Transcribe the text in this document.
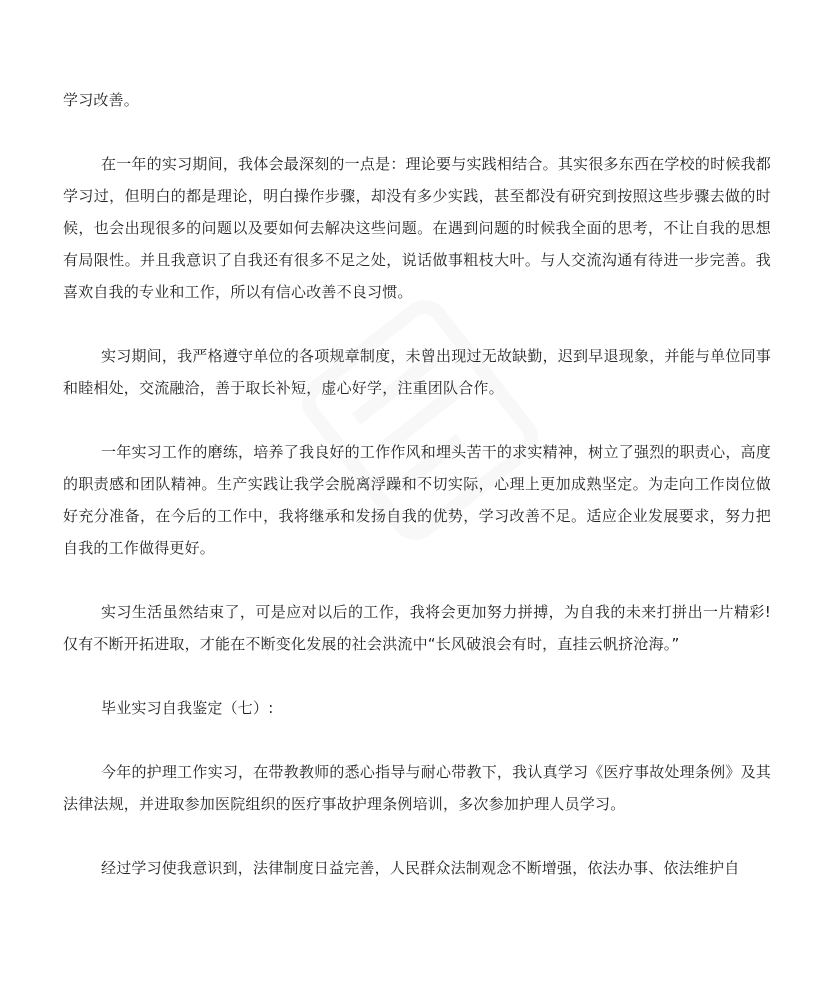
学习改善。

在一年的实习期间，我体会最深刻的一点是：理论要与实践相结合。其实很多东西在学校的时候我都学习过，但明白的都是理论，明白操作步骤，却没有多少实践，甚至都没有研究到按照这些步骤去做的时候，也会出现很多的问题以及要如何去解决这些问题。在遇到问题的时候我全面的思考，不让自我的思想有局限性。并且我意识了自我还有很多不足之处，说话做事粗枝大叶。与人交流沟通有待进一步完善。我喜欢自我的专业和工作，所以有信心改善不良习惯。

实习期间，我严格遵守单位的各项规章制度，未曾出现过无故缺勤，迟到早退现象，并能与单位同事和睦相处，交流融洽，善于取长补短，虚心好学，注重团队合作。

一年实习工作的磨练，培养了我良好的工作作风和埋头苦干的求实精神，树立了强烈的职责心，高度的职责感和团队精神。生产实践让我学会脱离浮躁和不切实际，心理上更加成熟坚定。为走向工作岗位做好充分准备，在今后的工作中，我将继承和发扬自我的优势，学习改善不足。适应企业发展要求，努力把自我的工作做得更好。

实习生活虽然结束了，可是应对以后的工作，我将会更加努力拼搏，为自我的未来打拼出一片精彩!仅有不断开拓进取，才能在不断变化发展的社会洪流中“长风破浪会有时，直挂云帆挤沧海。”

毕业实习自我鉴定（七）:

今年的护理工作实习，在带教教师的悉心指导与耐心带教下，我认真学习《医疗事故处理条例》及其法律法规，并进取参加医院组织的医疗事故护理条例培训，多次参加护理人员学习。

经过学习使我意识到，法律制度日益完善，人民群众法制观念不断增强，依法办事、依法维护自
